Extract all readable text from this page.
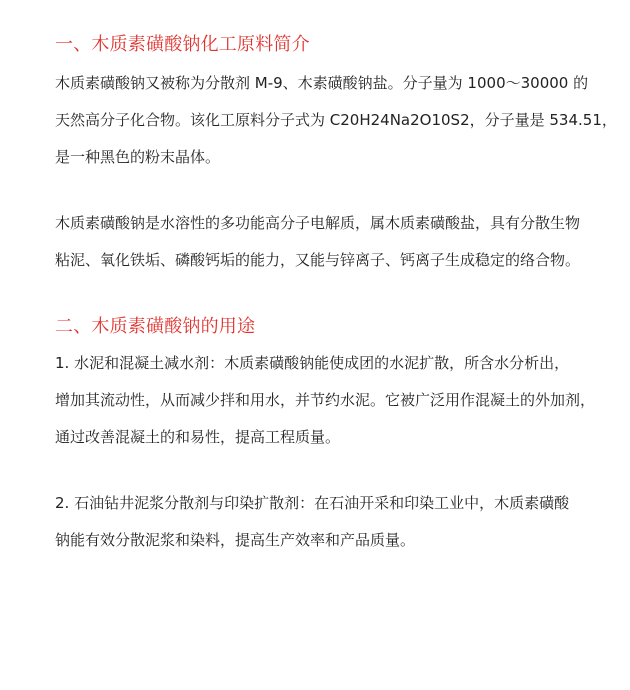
一、木质素磺酸钠化工原料简介

木质素磺酸钠又被称为分散剂 M-9、木素磺酸钠盐。分子量为 1000～30000 的

天然高分子化合物。该化工原料分子式为 C20H24Na2O10S2，分子量是 534.51，

是一种黑色的粉末晶体。

木质素磺酸钠是水溶性的多功能高分子电解质，属木质素磺酸盐，具有分散生物

粘泥、氧化铁垢、磷酸钙垢的能力，又能与锌离子、钙离子生成稳定的络合物。

二、木质素磺酸钠的用途

1. 水泥和混凝土减水剂：木质素磺酸钠能使成团的水泥扩散，所含水分析出，

增加其流动性，从而减少拌和用水，并节约水泥。它被广泛用作混凝土的外加剂，

通过改善混凝土的和易性，提高工程质量。

2. 石油钻井泥浆分散剂与印染扩散剂：在石油开采和印染工业中，木质素磺酸

钠能有效分散泥浆和染料，提高生产效率和产品质量。
